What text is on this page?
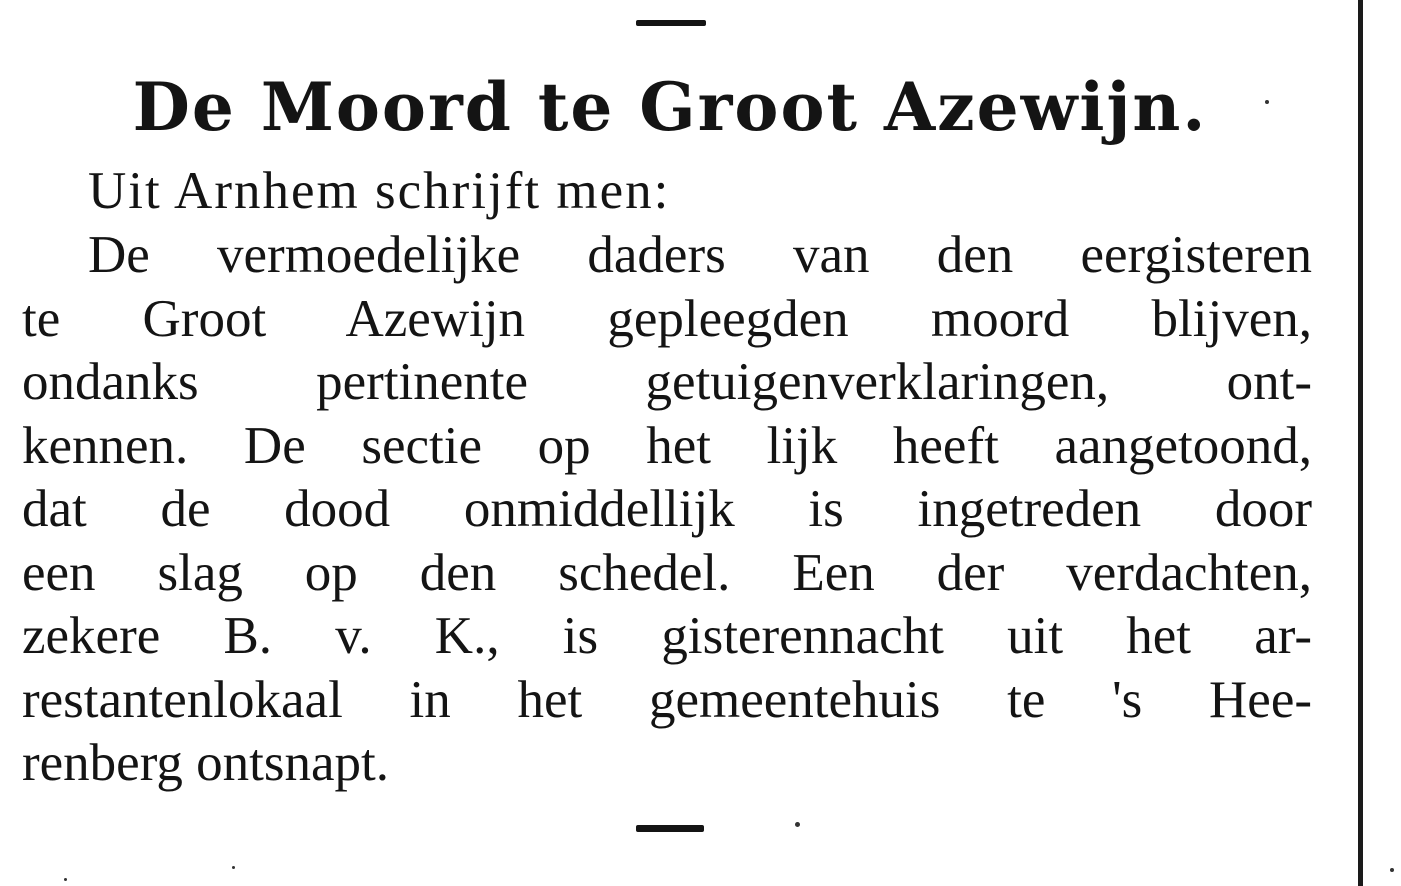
De Moord te Groot Azewijn.

Uit Arnhem schrijft men:

De vermoedelijke daders van den eergisteren
te Groot Azewijn gepleegden moord blijven,
ondanks pertinente getuigenverklaringen, ont-
kennen. De sectie op het lijk heeft aangetoond,
dat de dood onmiddellijk is ingetreden door
een slag op den schedel. Een der verdachten,
zekere B. v. K., is gisterennacht uit het ar-
restantenlokaal in het gemeentehuis te 's Hee-
renberg ontsnapt.
